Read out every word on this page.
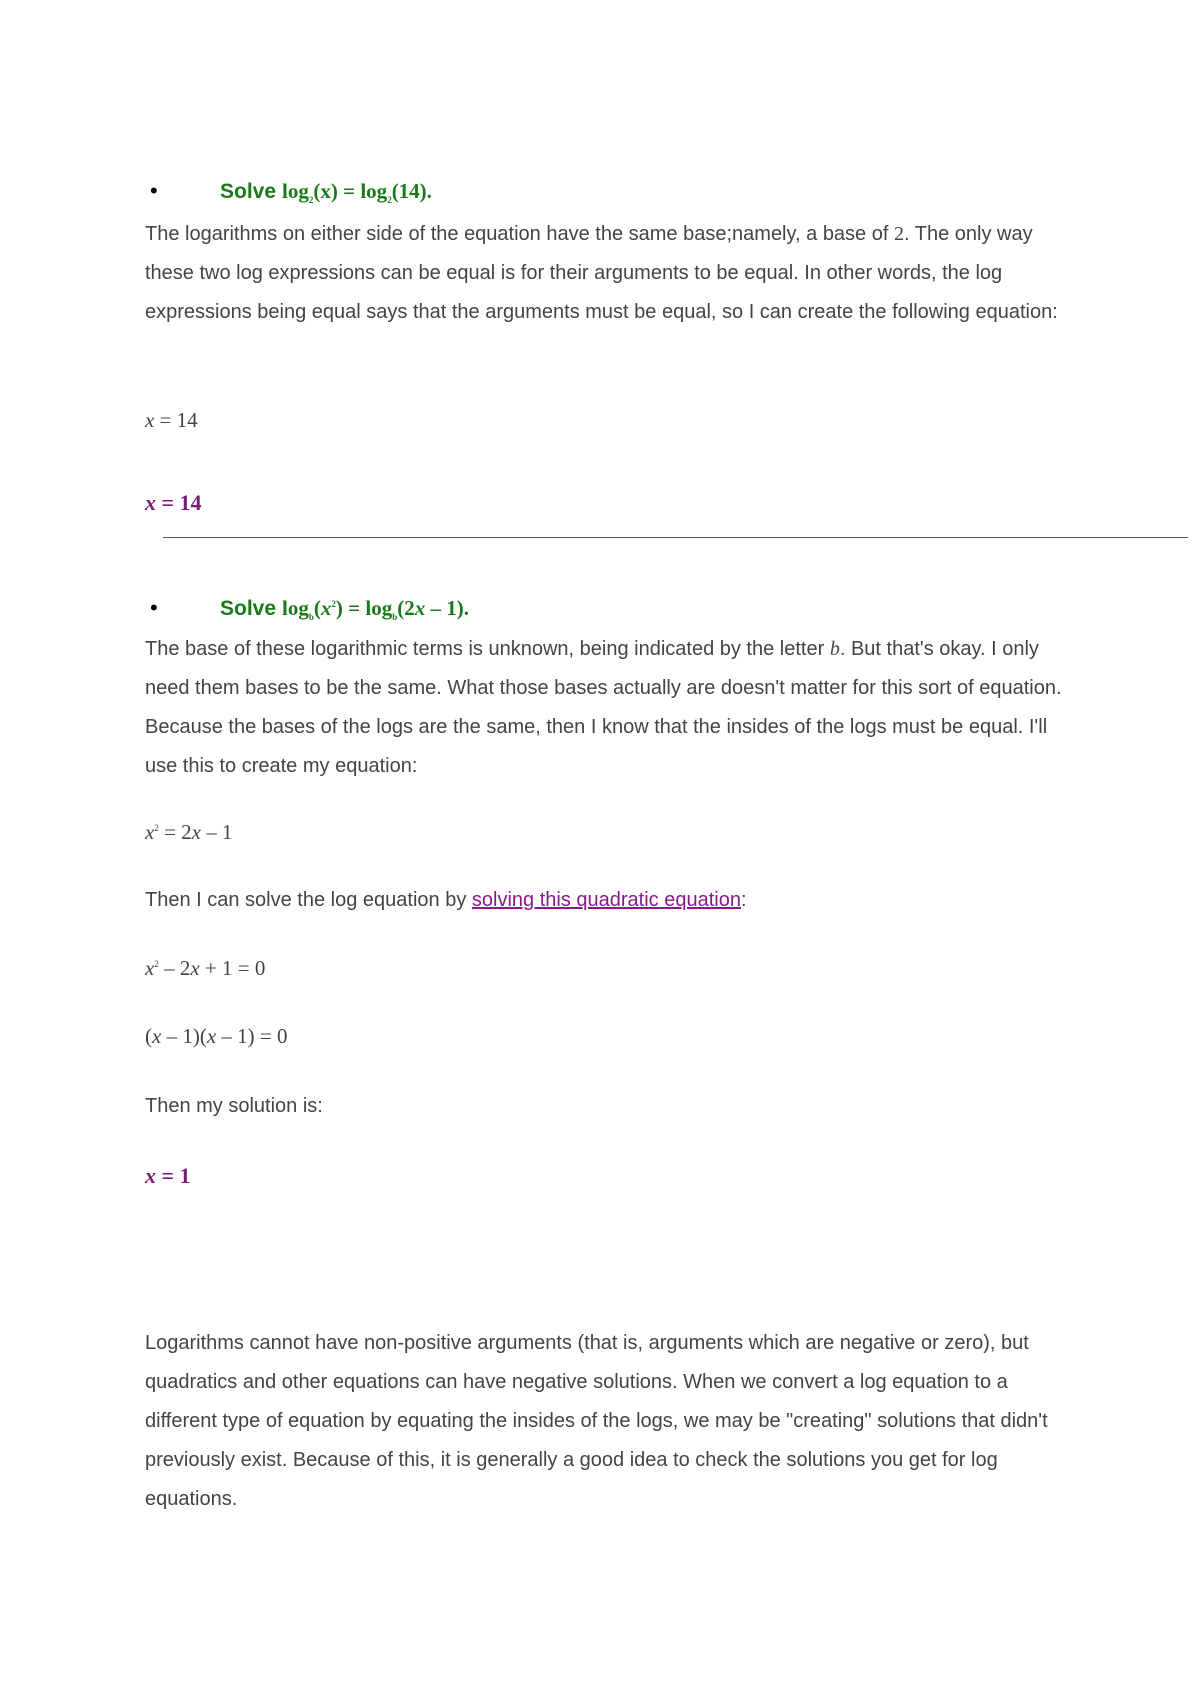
•	Solve $\log_2(x) = \log_2(14)$.
The logarithms on either side of the equation have the same base;namely, a base of 2. The only way these two log expressions can be equal is for their arguments to be equal. In other words, the log expressions being equal says that the arguments must be equal, so I can create the following equation:
x = 14
x = 14
•	Solve $\log_b(x^2) = \log_b(2x - 1)$.
The base of these logarithmic terms is unknown, being indicated by the letter b. But that's okay. I only need them bases to be the same. What those bases actually are doesn't matter for this sort of equation. Because the bases of the logs are the same, then I know that the insides of the logs must be equal. I'll use this to create my equation:
$x^2 = 2x - 1$
Then I can solve the log equation by solving this quadratic equation:
$x^2 - 2x + 1 = 0$
(x – 1)(x – 1) = 0
Then my solution is:
x = 1
Logarithms cannot have non-positive arguments (that is, arguments which are negative or zero), but quadratics and other equations can have negative solutions. When we convert a log equation to a different type of equation by equating the insides of the logs, we may be "creating" solutions that didn't previously exist. Because of this, it is generally a good idea to check the solutions you get for log equations.
